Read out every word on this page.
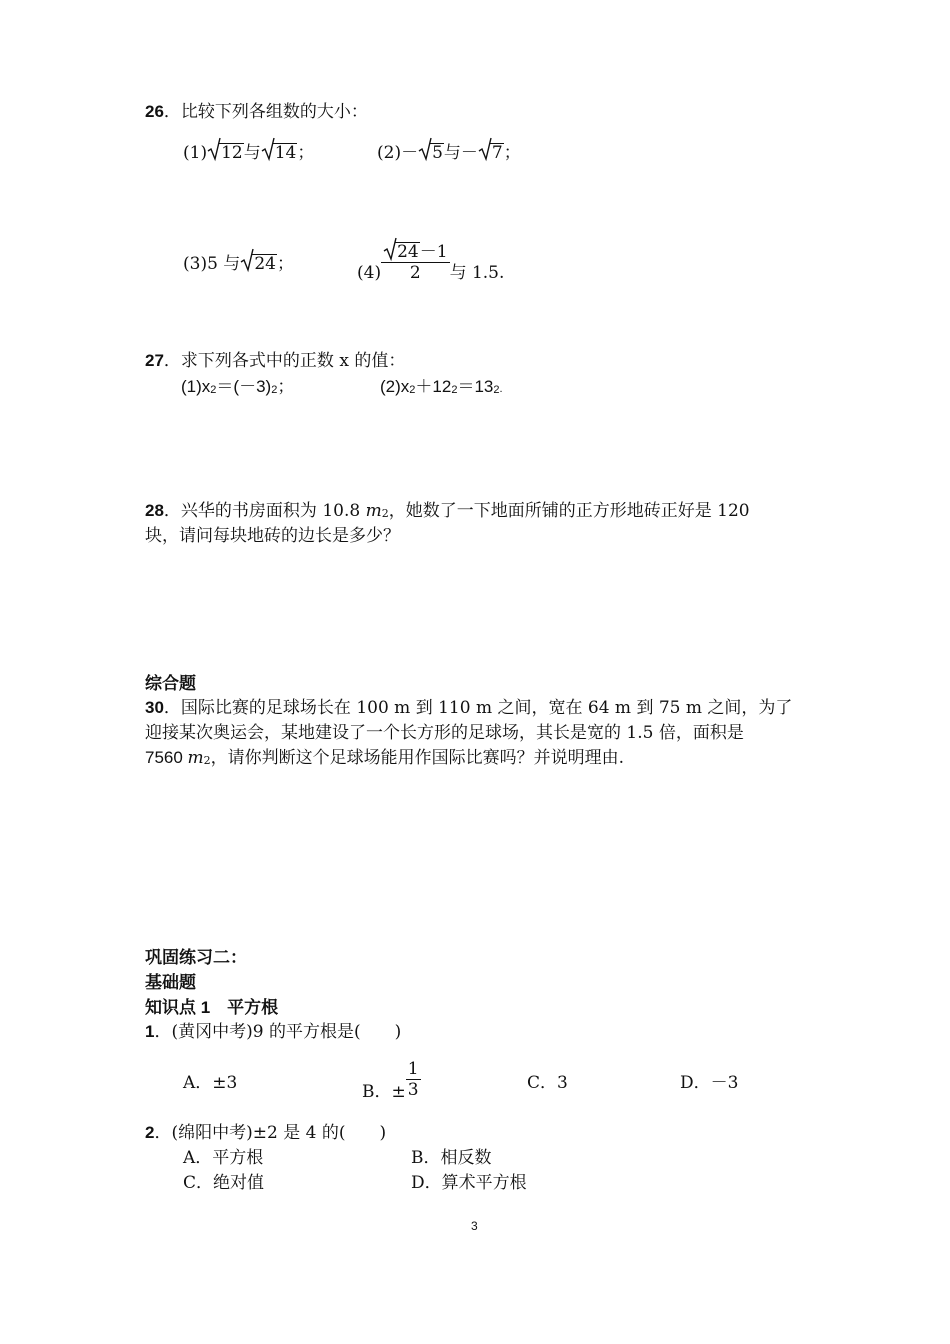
26．比较下列各组数的大小：
(1) 12与 14；	(2)－ 5与－ 7；
(3)5 与 24；	$(4) \frac{24-1}{2}$ 与 1.5.
27．求下列各式中的正数 x 的值：
(1)x2＝(－3)2；	(2)x2＋122＝132.
28．兴华的书房面积为 10.8 m2，她数了一下地面所铺的正方形地砖正好是 120
块，请问每块地砖的边长是多少？
综合题
30．国际比赛的足球场长在 100 m 到 110 m 之间，宽在 64 m 到 75 m 之间，为了
迎接某次奥运会，某地建设了一个长方形的足球场，其长是宽的 1.5 倍，面积是
7560 m2，请你判断这个足球场能用作国际比赛吗？并说明理由.
巩固练习二：
基础题
知识点 1　平方根
1．(黄冈中考)9 的平方根是(　　)
A．±3	B．± $\frac{1}{3}$	C．3	D．－3
2．(绵阳中考)±2 是 4 的(　　)
A．平方根	B．相反数
C．绝对值	D．算术平方根
3
